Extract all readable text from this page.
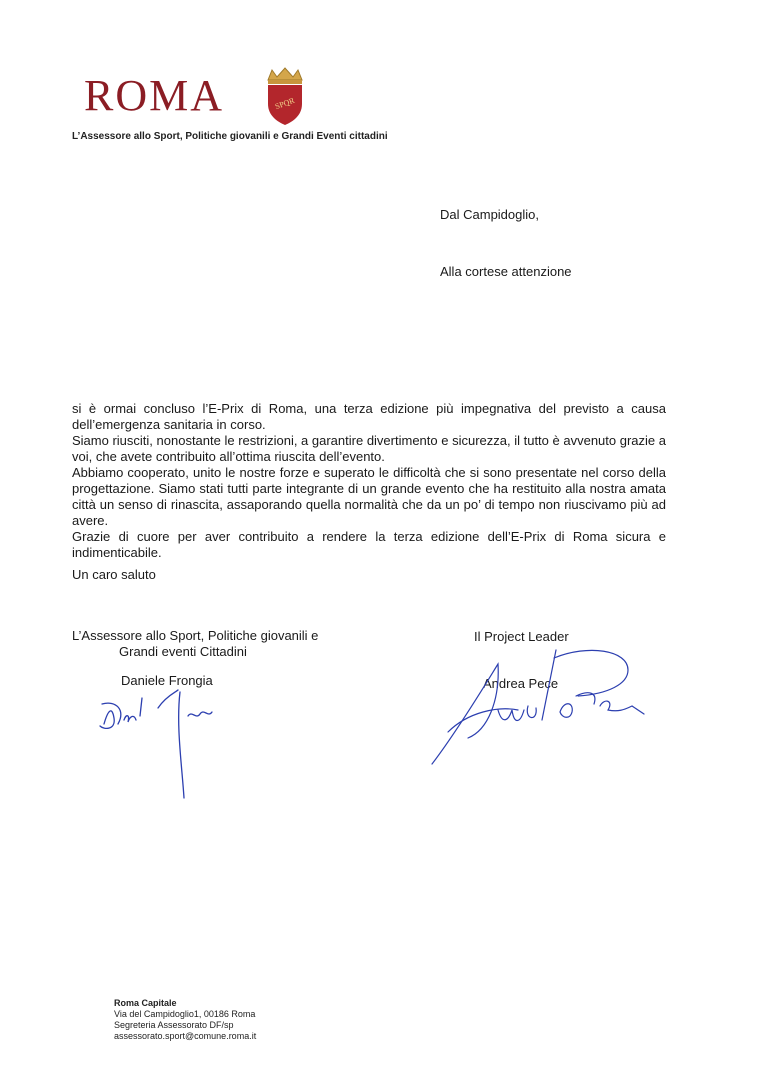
ROMA	SPQR
L’Assessore allo Sport, Politiche giovanili e Grandi Eventi cittadini
Dal Campidoglio,
Alla cortese attenzione

si è ormai concluso l’E-Prix di Roma, una terza edizione più impegnativa del previsto a causa dell’emergenza sanitaria in corso.

Siamo riusciti, nonostante le restrizioni, a garantire divertimento e sicurezza, il tutto è avvenuto grazie a voi, che avete contribuito all’ottima riuscita dell’evento.

Abbiamo cooperato, unito le nostre forze e superato le difficoltà che si sono presentate nel corso della progettazione. Siamo stati tutti parte integrante di un grande evento che ha restituito alla nostra amata città un senso di rinascita, assaporando quella normalità che da un po’ di tempo non riuscivamo più ad avere.

Grazie di cuore per aver contribuito a rendere la terza edizione dell’E-Prix di Roma sicura e indimenticabile.

Un caro saluto
L’Assessore allo Sport, Politiche giovanili e
Grandi eventi Cittadini
Daniele Frongia
Il Project Leader
Andrea Pece
Roma Capitale
Via del Campidoglio1, 00186 Roma
Segreteria Assessorato DF/sp
assessorato.sport@comune.roma.it
